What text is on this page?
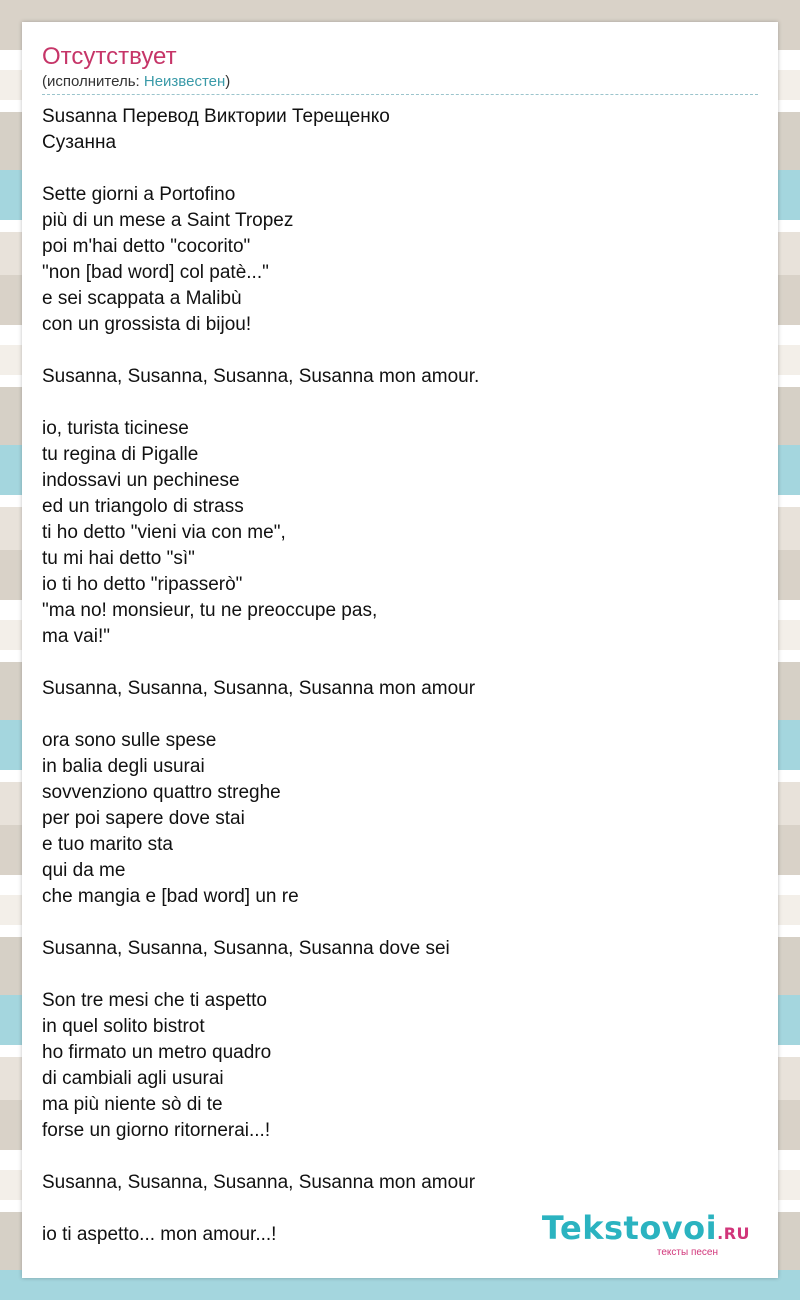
Отсутствует
(исполнитель: Неизвестен)
Susanna Перевод Виктории Терещенко
Сузанна
Sette giorni a Portofino
più di un mese a Saint Tropez
poi m'hai detto "cocorito"
"non [bad word] col patè..."
e sei scappata a Malibù
con un grossista di bijou!
Susanna, Susanna, Susanna, Susanna mon amour.
io, turista ticinese
tu regina di Pigalle
indossavi un pechinese
ed un triangolo di strass
ti ho detto "vieni via con me",
tu mi hai detto "sì"
io ti ho detto "ripasserò"
"ma no! monsieur, tu ne preoccupe pas,
ma vai!"
Susanna, Susanna, Susanna, Susanna mon amour
ora sono sulle spese
in balia degli usurai
sovvenziono quattro streghe
per poi sapere dove stai
e tuo marito sta
qui da me
che mangia e [bad word] un re
Susanna, Susanna, Susanna, Susanna dove sei
Son tre mesi che ti aspetto
in quel solito bistrot
ho firmato un metro quadro
di cambiali agli usurai
ma più niente sò di te
forse un giorno ritornerai...!
Susanna, Susanna, Susanna, Susanna mon amour
io ti aspetto... mon amour...!	Tekstovoi.RU
тексты песен
